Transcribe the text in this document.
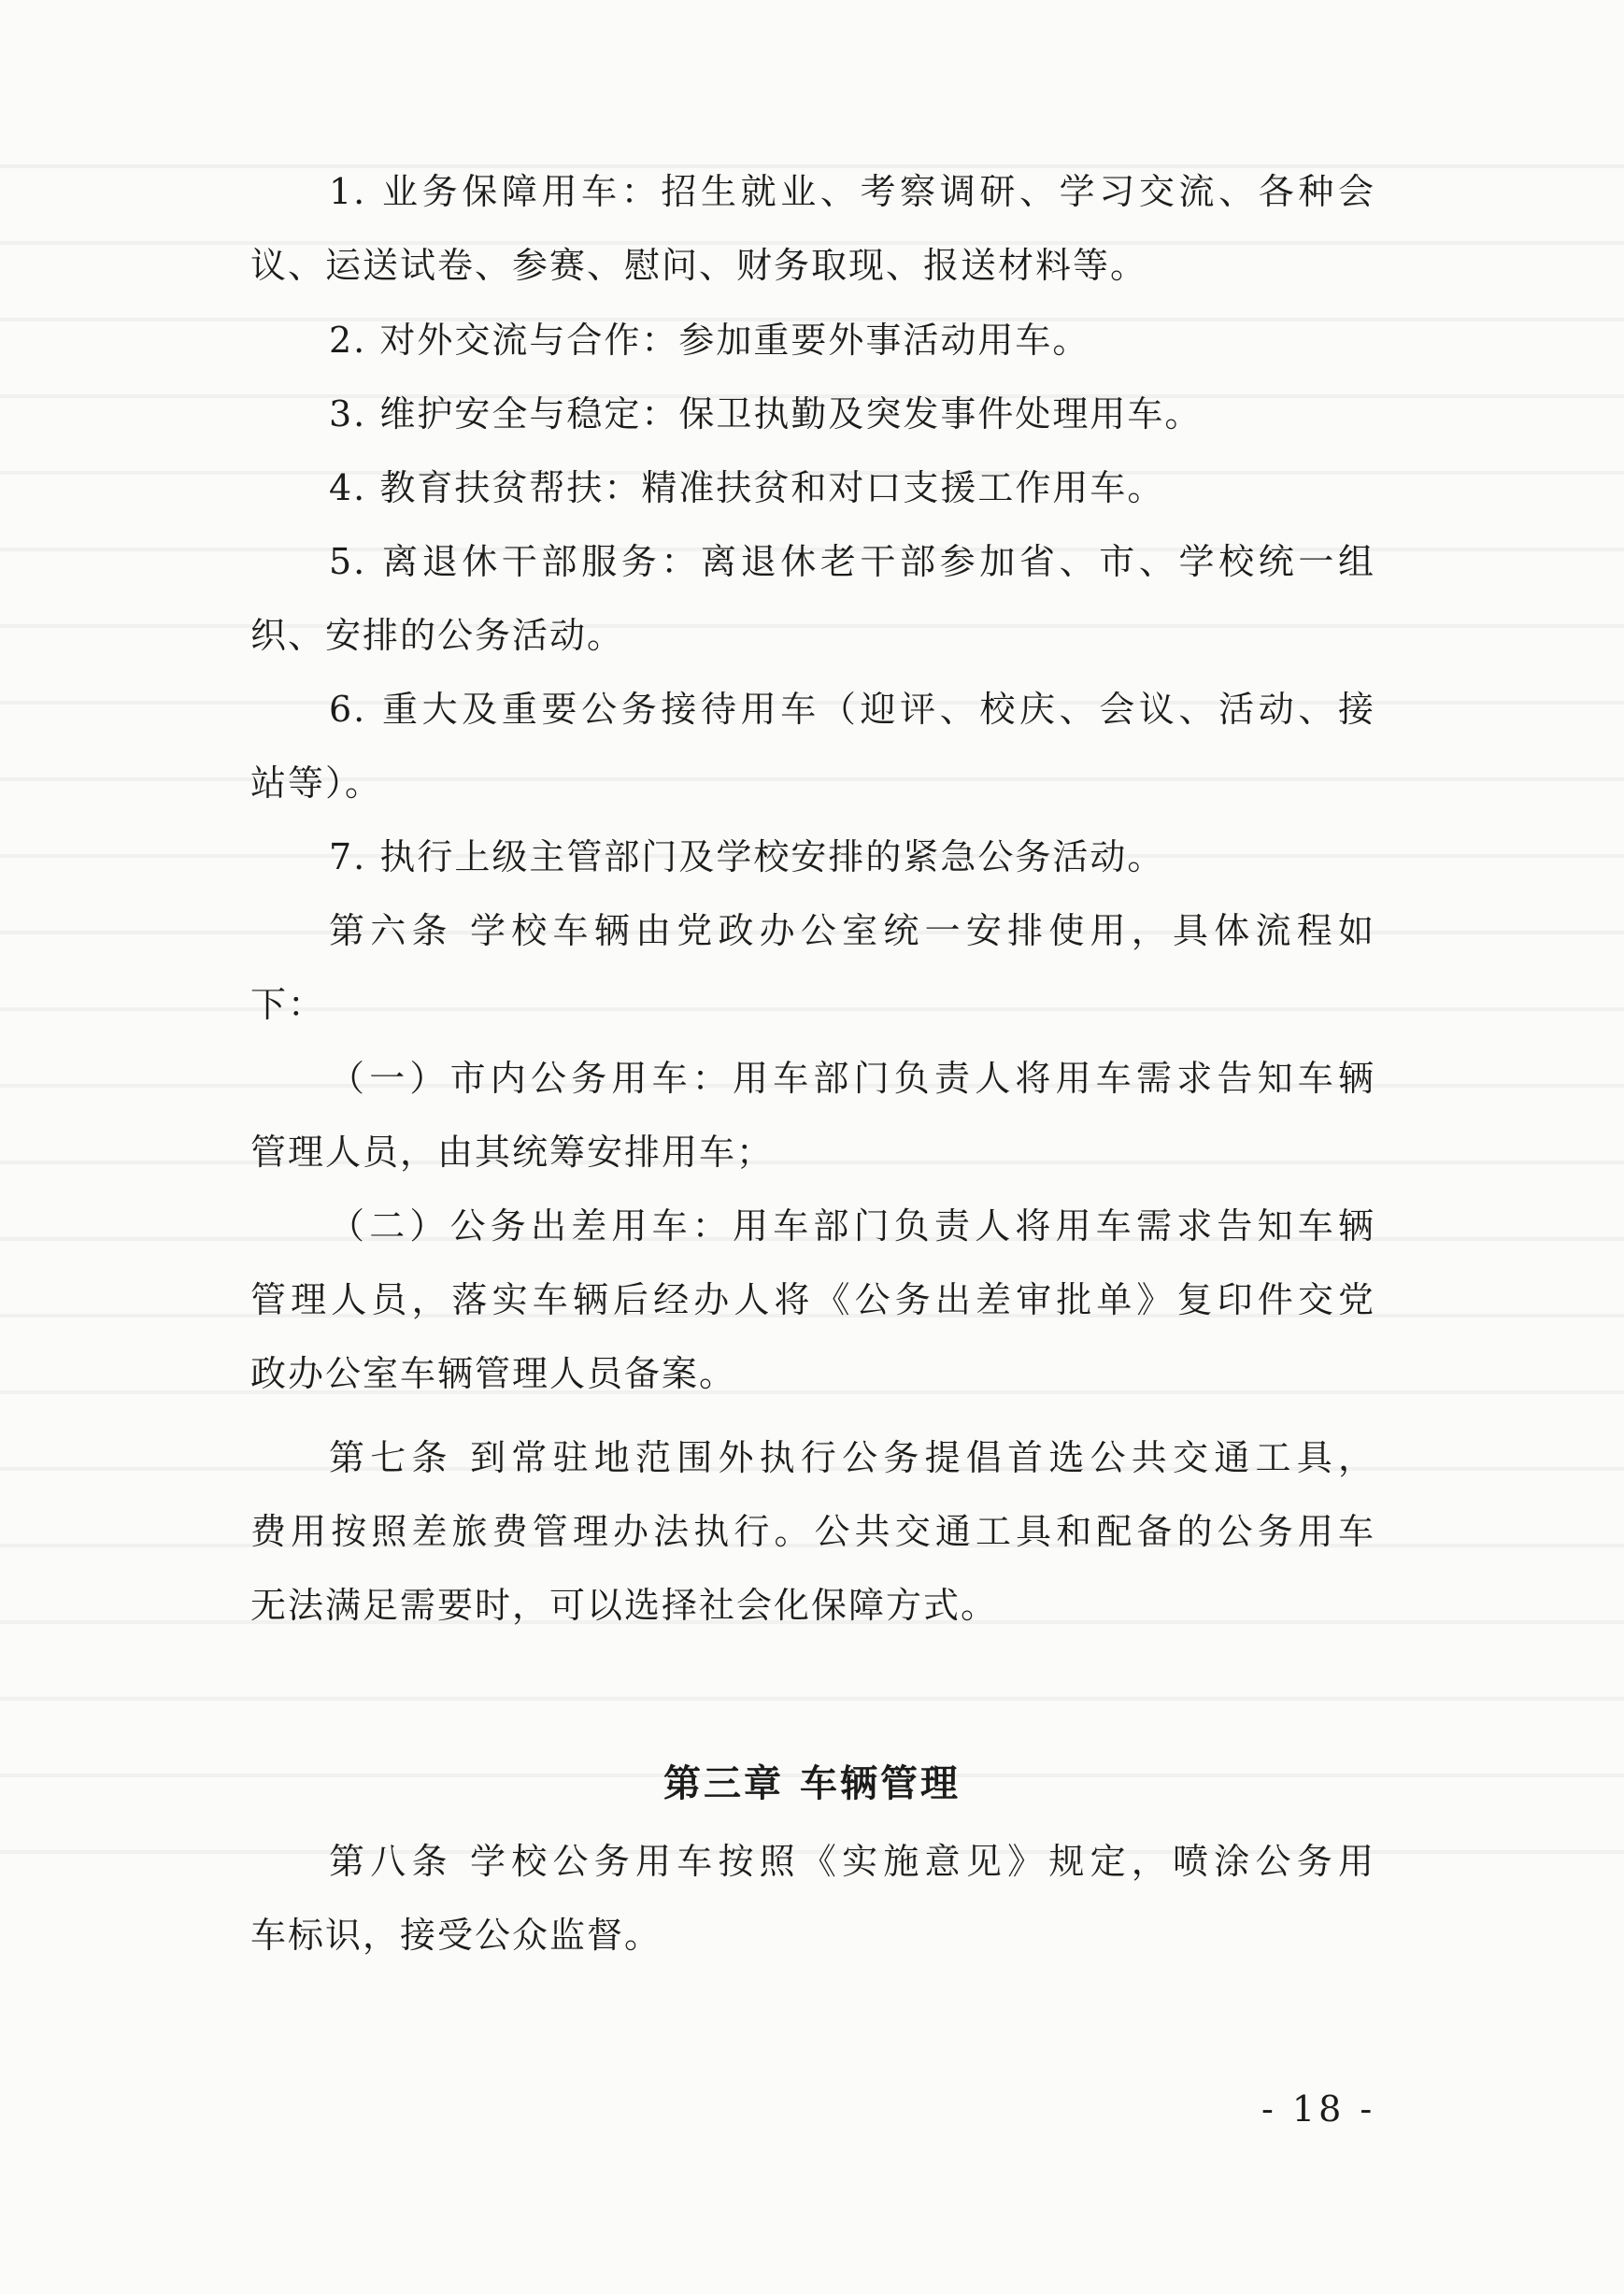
1. 业务保障用车：招生就业、考察调研、学习交流、各种会
议、运送试卷、参赛、慰问、财务取现、报送材料等。
2. 对外交流与合作：参加重要外事活动用车。
3. 维护安全与稳定：保卫执勤及突发事件处理用车。
4. 教育扶贫帮扶：精准扶贫和对口支援工作用车。
5. 离退休干部服务：离退休老干部参加省、市、学校统一组
织、安排的公务活动。
6. 重大及重要公务接待用车（迎评、校庆、会议、活动、接
站等）。
7. 执行上级主管部门及学校安排的紧急公务活动。
第六条 学校车辆由党政办公室统一安排使用，具体流程如
下：
（一）市内公务用车：用车部门负责人将用车需求告知车辆
管理人员，由其统筹安排用车；
（二）公务出差用车：用车部门负责人将用车需求告知车辆
管理人员，落实车辆后经办人将《公务出差审批单》复印件交党
政办公室车辆管理人员备案。
第七条 到常驻地范围外执行公务提倡首选公共交通工具，
费用按照差旅费管理办法执行。公共交通工具和配备的公务用车
无法满足需要时，可以选择社会化保障方式。
第三章 车辆管理
第八条 学校公务用车按照《实施意见》规定，喷涂公务用
车标识，接受公众监督。
- 18 -
